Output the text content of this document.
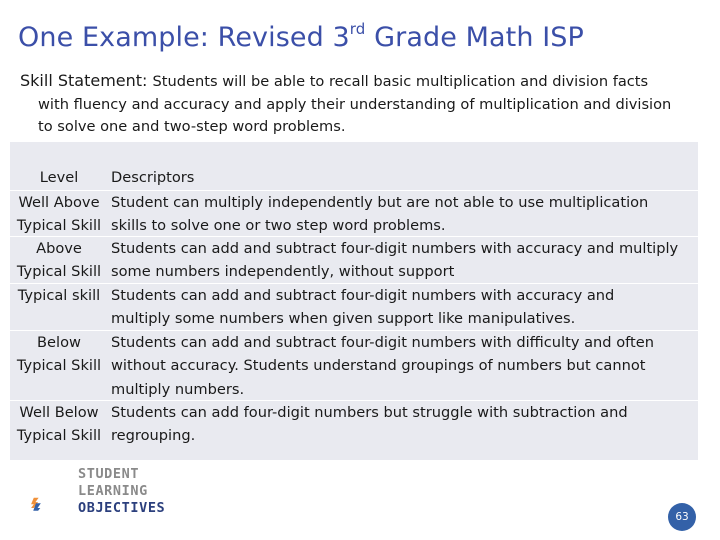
One Example: Revised 3rd Grade Math ISP
Skill Statement: Students will be able to recall basic multiplication and division facts
with fluency and accuracy and apply their understanding of multiplication and division
to solve one and two-step word problems.
Level	Descriptors
Well Above
Typical Skill
Student can multiply independently but are not able to use multiplication
skills to solve one or two step word problems.
Above
Typical Skill
Students can add and subtract four-digit numbers with accuracy and multiply
some numbers independently, without support
Typical skill Students can add and subtract four-digit numbers with accuracy and
multiply some numbers when given support like manipulatives.
Below
Typical Skill
Students can add and subtract four-digit numbers with difficulty and often
without accuracy. Students understand groupings of numbers but cannot
multiply numbers.
Well Below
Typical Skill
Students can add four-digit numbers but struggle with subtraction and
regrouping.
STUDENT
LEARNING
OBJECTIVES
63
